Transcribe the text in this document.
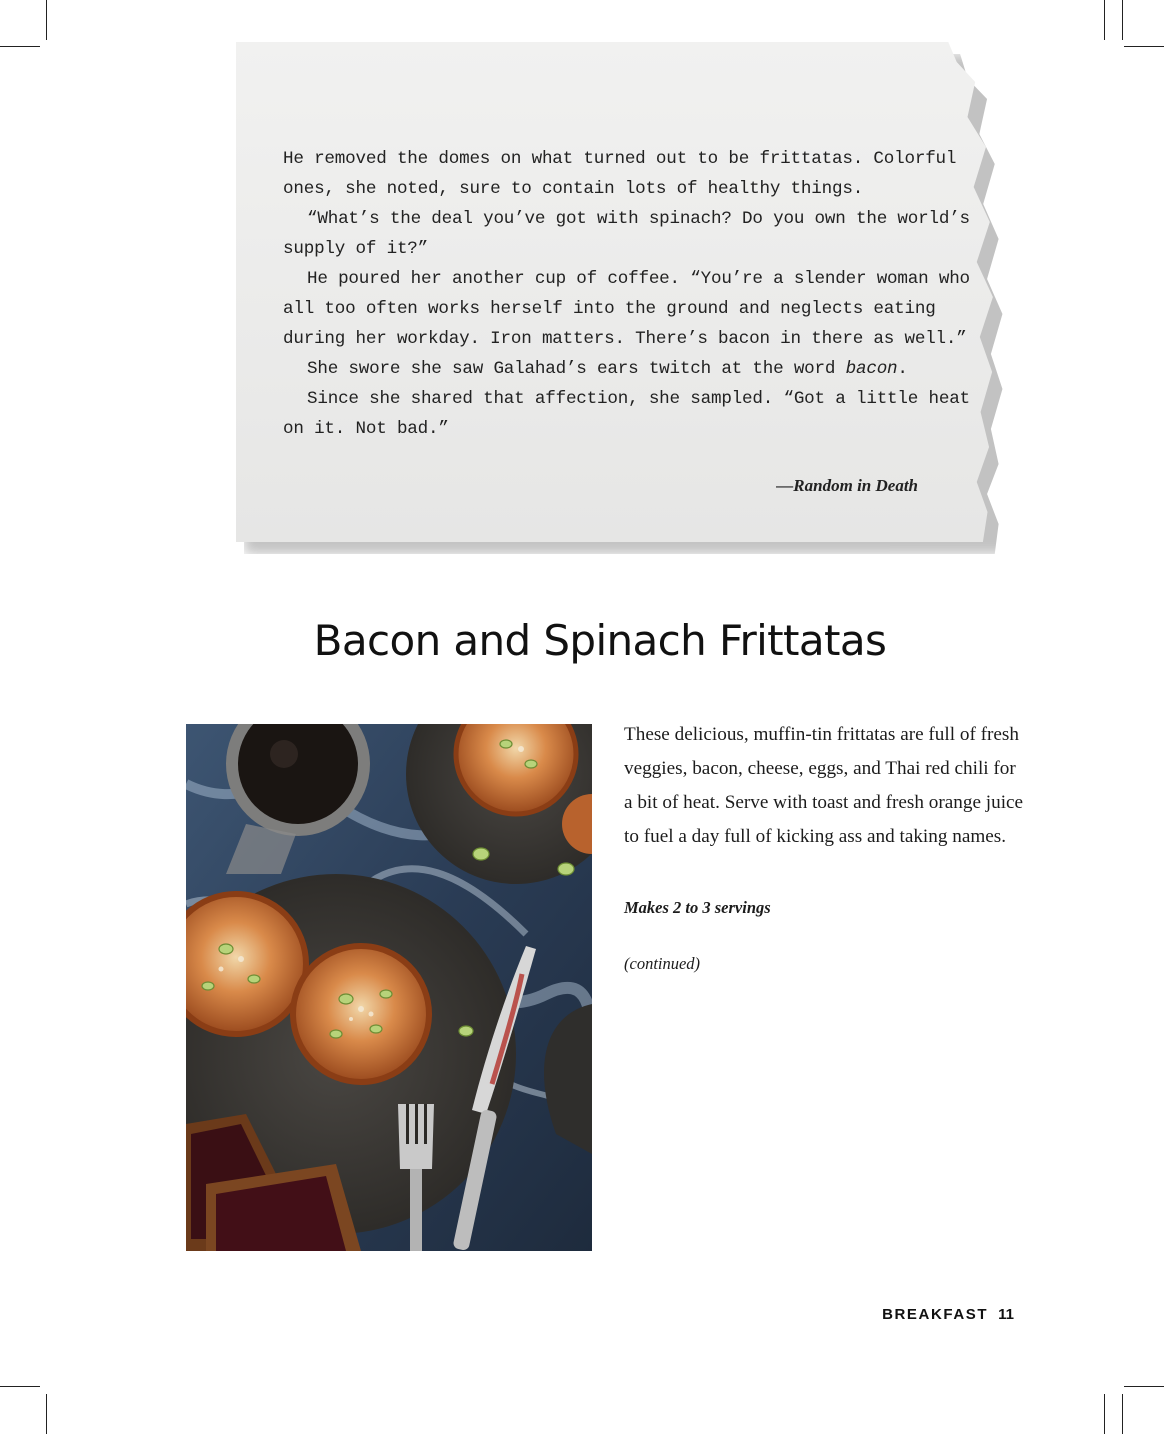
He removed the domes on what turned out to be frittatas. Colorful ones, she noted, sure to contain lots of healthy things.

“What’s the deal you’ve got with spinach? Do you own the world’s supply of it?”

He poured her another cup of coffee. “You’re a slender woman who all too often works herself into the ground and neglects eating during her workday. Iron matters. There’s bacon in there as well.”

She swore she saw Galahad’s ears twitch at the word bacon.

Since she shared that affection, she sampled. “Got a little heat on it. Not bad.”

—Random in Death
Bacon and Spinach Frittatas

These delicious, muffin-tin frittatas are full of fresh veggies, bacon, cheese, eggs, and Thai red chili for a bit of heat. Serve with toast and fresh orange juice to fuel a day full of kicking ass and taking names.

Makes 2 to 3 servings
(continued)
BREAKFAST 11
